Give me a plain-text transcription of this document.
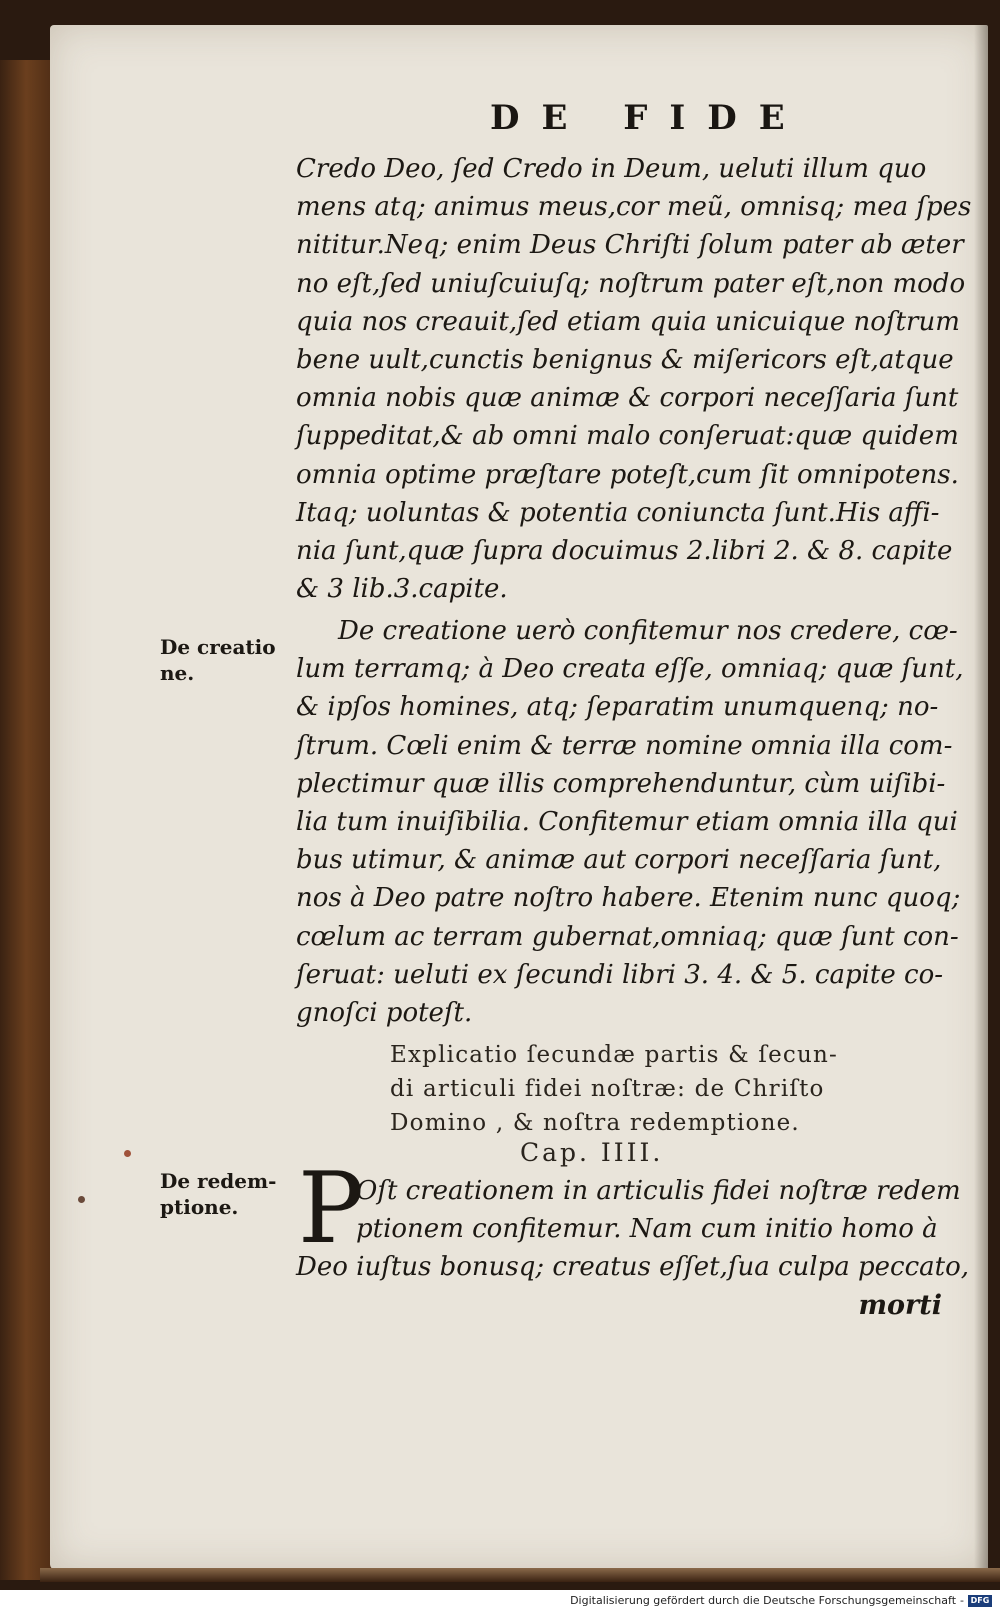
DE FIDE
Credo Deo, ſed Credo in Deum, ueluti illum quo
mens atq; animus meus,cor meũ, omnisq; mea ſpes
nititur.Neq; enim Deus Chriſti ſolum pater ab æter
no eſt,ſed uniuſcuiuſq; noſtrum pater eſt,non modo
quia nos creauit,ſed etiam quia unicuique noſtrum
bene uult,cunctis benignus & miſericors eſt,atque
omnia nobis quæ animæ & corpori neceſſaria ſunt
ſuppeditat,& ab omni malo conſeruat:quæ quidem
omnia optime præſtare poteſt,cum ſit omnipotens.
Itaq; uoluntas & potentia coniuncta ſunt.His affi-
nia ſunt,quæ ſupra docuimus 2.libri 2. & 8. capite
& 3 lib.3.capite.
De creatio
ne.
De creatione uerò confitemur nos credere, cœ-
lum terramq; à Deo creata eſſe, omniaq; quæ ſunt,
& ipſos homines, atq; ſeparatim unumquenq; no-
ſtrum. Cœli enim & terræ nomine omnia illa com-
plectimur quæ illis comprehenduntur, cùm uiſibi-
lia tum inuiſibilia. Confitemur etiam omnia illa qui
bus utimur, & animæ aut corpori neceſſaria ſunt,
nos à Deo patre noſtro habere. Etenim nunc quoq;
cœlum ac terram gubernat,omniaq; quæ ſunt con-
ſeruat: ueluti ex ſecundi libri 3. 4. & 5. capite co-
gnoſci poteſt.
Explicatio ſecundæ partis & ſecun-
di articuli fidei noſtræ: de Chriſto
Domino , & noſtra redemptione.
Cap. IIII.
De redem-
ptione. P
Oſt creationem in articulis fidei noſtræ redem
ptionem confitemur. Nam cum initio homo à
Deo iuſtus bonusq; creatus eſſet,ſua culpa peccato,
morti
Digitalisierung gefördert durch die Deutsche Forschungsgemeinschaft - DFG
